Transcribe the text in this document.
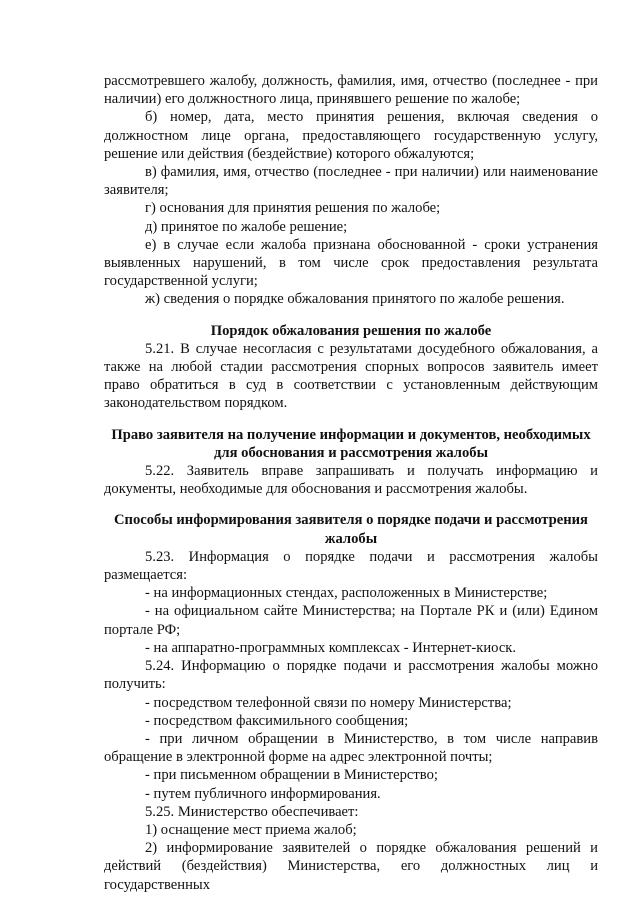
рассмотревшего жалобу, должность, фамилия, имя, отчество (последнее - при наличии) его должностного лица, принявшего решение по жалобе;

б) номер, дата, место принятия решения, включая сведения о должностном лице органа, предоставляющего государственную услугу, решение или действия (бездействие) которого обжалуются;

в) фамилия, имя, отчество (последнее - при наличии) или наименование заявителя;

г) основания для принятия решения по жалобе;

д) принятое по жалобе решение;

е) в случае если жалоба признана обоснованной - сроки устранения выявленных нарушений, в том числе срок предоставления результата государственной услуги;

ж) сведения о порядке обжалования принятого по жалобе решения.

Порядок обжалования решения по жалобе

5.21. В случае несогласия с результатами досудебного обжалования, а также на любой стадии рассмотрения спорных вопросов заявитель имеет право обратиться в суд в соответствии с установленным действующим законодательством порядком.

Право заявителя на получение информации и документов, необходимых для обоснования и рассмотрения жалобы

5.22. Заявитель вправе запрашивать и получать информацию и документы, необходимые для обоснования и рассмотрения жалобы.

Способы информирования заявителя о порядке подачи и рассмотрения жалобы

5.23. Информация о порядке подачи и рассмотрения жалобы размещается:

- на информационных стендах, расположенных в Министерстве;

- на официальном сайте Министерства; на Портале РК и (или) Едином портале РФ;

- на аппаратно-программных комплексах - Интернет-киоск.

5.24. Информацию о порядке подачи и рассмотрения жалобы можно получить:

- посредством телефонной связи по номеру Министерства;

- посредством факсимильного сообщения;

- при личном обращении в Министерство, в том числе направив обращение в электронной форме на адрес электронной почты;

- при письменном обращении в Министерство;

- путем публичного информирования.

5.25. Министерство обеспечивает:

1) оснащение мест приема жалоб;

2) информирование заявителей о порядке обжалования решений и действий (бездействия) Министерства, его должностных лиц и государственных
